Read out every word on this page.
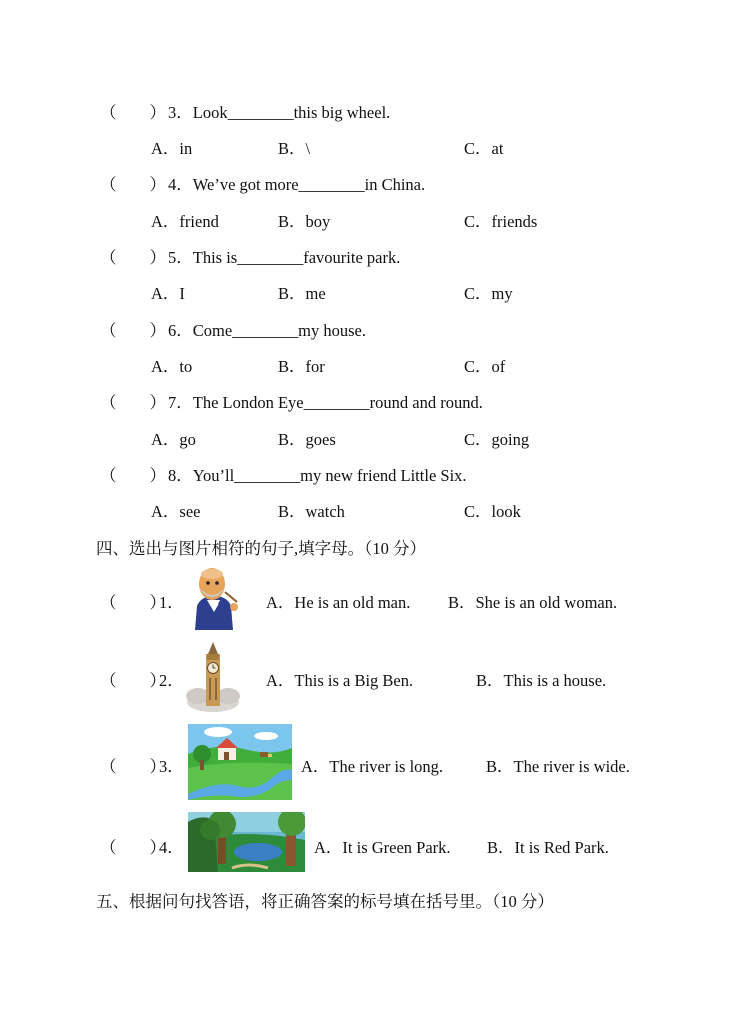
（　　） 3．Look________this big wheel.
A．in	B．\	C．at
（　　） 4．We’ve got more________in China.
A．friend	B．boy	C．friends
（　　） 5．This is________favourite park.
A．I	B．me	C．my
（　　） 6．Come________my house.
A．to	B．for	C．of
（　　） 7．The London Eye________round and round.
A．go	B．goes	C．going
（　　） 8．You’ll________my new friend Little Six.
A．see	B．watch	C．look
四、选出与图片相符的句子,填字母。（10 分）
（　　）
1．	A．He is an old man. B．She is an old woman.
（　　）
2．	A．This is a Big Ben.	B．This is a house.
（　　）
3．	A．The river is long.	B．The river is wide.
（　　）
4．	A．It is Green Park. B．It is Red Park.
五、根据问句找答语，将正确答案的标号填在括号里。（10 分）
